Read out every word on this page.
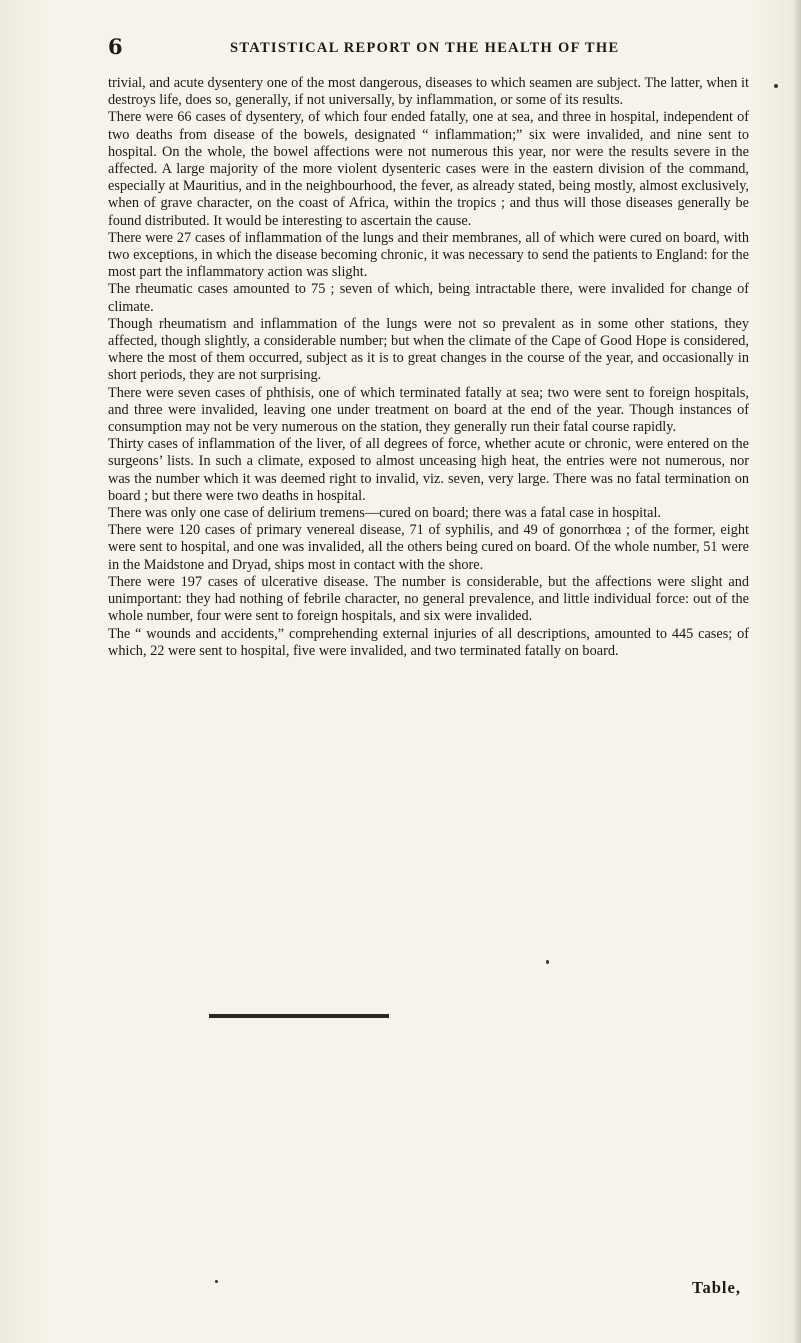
6	STATISTICAL REPORT ON THE HEALTH OF THE

trivial, and acute dysentery one of the most dangerous, diseases to which seamen are subject. The latter, when it destroys life, does so, generally, if not universally, by inflammation, or some of its results.

There were 66 cases of dysentery, of which four ended fatally, one at sea, and three in hospital, independent of two deaths from disease of the bowels, designated “ inflammation;” six were invalided, and nine sent to hospital. On the whole, the bowel affections were not numerous this year, nor were the results severe in the affected. A large majority of the more violent dysenteric cases were in the eastern division of the command, especially at Mauritius, and in the neighbourhood, the fever, as already stated, being mostly, almost exclusively, when of grave character, on the coast of Africa, within the tropics ; and thus will those diseases generally be found distributed. It would be interesting to ascertain the cause.

There were 27 cases of inflammation of the lungs and their membranes, all of which were cured on board, with two exceptions, in which the disease becoming chronic, it was necessary to send the patients to England: for the most part the inflammatory action was slight.

The rheumatic cases amounted to 75 ; seven of which, being intractable there, were invalided for change of climate.

Though rheumatism and inflammation of the lungs were not so prevalent as in some other stations, they affected, though slightly, a considerable number; but when the climate of the Cape of Good Hope is considered, where the most of them occurred, subject as it is to great changes in the course of the year, and occasionally in short periods, they are not surprising.

There were seven cases of phthisis, one of which terminated fatally at sea; two were sent to foreign hospitals, and three were invalided, leaving one under treatment on board at the end of the year. Though instances of consumption may not be very numerous on the station, they generally run their fatal course rapidly.

Thirty cases of inflammation of the liver, of all degrees of force, whether acute or chronic, were entered on the surgeons’ lists. In such a climate, exposed to almost unceasing high heat, the entries were not numerous, nor was the number which it was deemed right to invalid, viz. seven, very large. There was no fatal termination on board ; but there were two deaths in hospital.

There was only one case of delirium tremens—cured on board; there was a fatal case in hospital.

There were 120 cases of primary venereal disease, 71 of syphilis, and 49 of gonorrhœa ; of the former, eight were sent to hospital, and one was invalided, all the others being cured on board. Of the whole number, 51 were in the Maidstone and Dryad, ships most in contact with the shore.

There were 197 cases of ulcerative disease. The number is considerable, but the affections were slight and unimportant: they had nothing of febrile character, no general prevalence, and little individual force: out of the whole number, four were sent to foreign hospitals, and six were invalided.

The “ wounds and accidents,” comprehending external injuries of all descriptions, amounted to 445 cases; of which, 22 were sent to hospital, five were invalided, and two terminated fatally on board.

Table,
